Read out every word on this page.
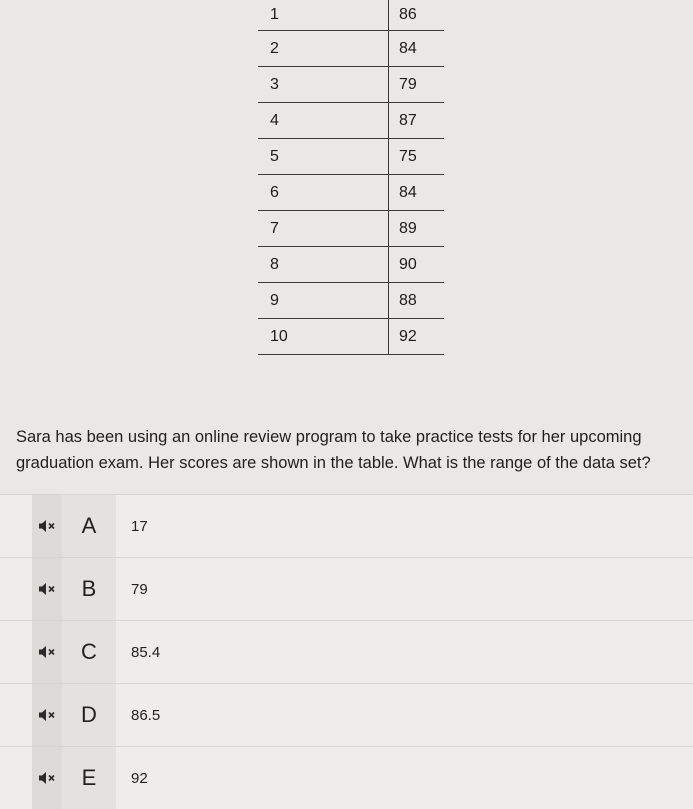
1	86
2	84
3	79
4	87
5	75
6	84
7	89
8	90
9	88
10	92
Sara has been using an online review program to take practice tests for her upcoming graduation exam. Her scores are shown in the table. What is the range of the data set?
A	17
B	79
C	85.4
D	86.5
E	92
